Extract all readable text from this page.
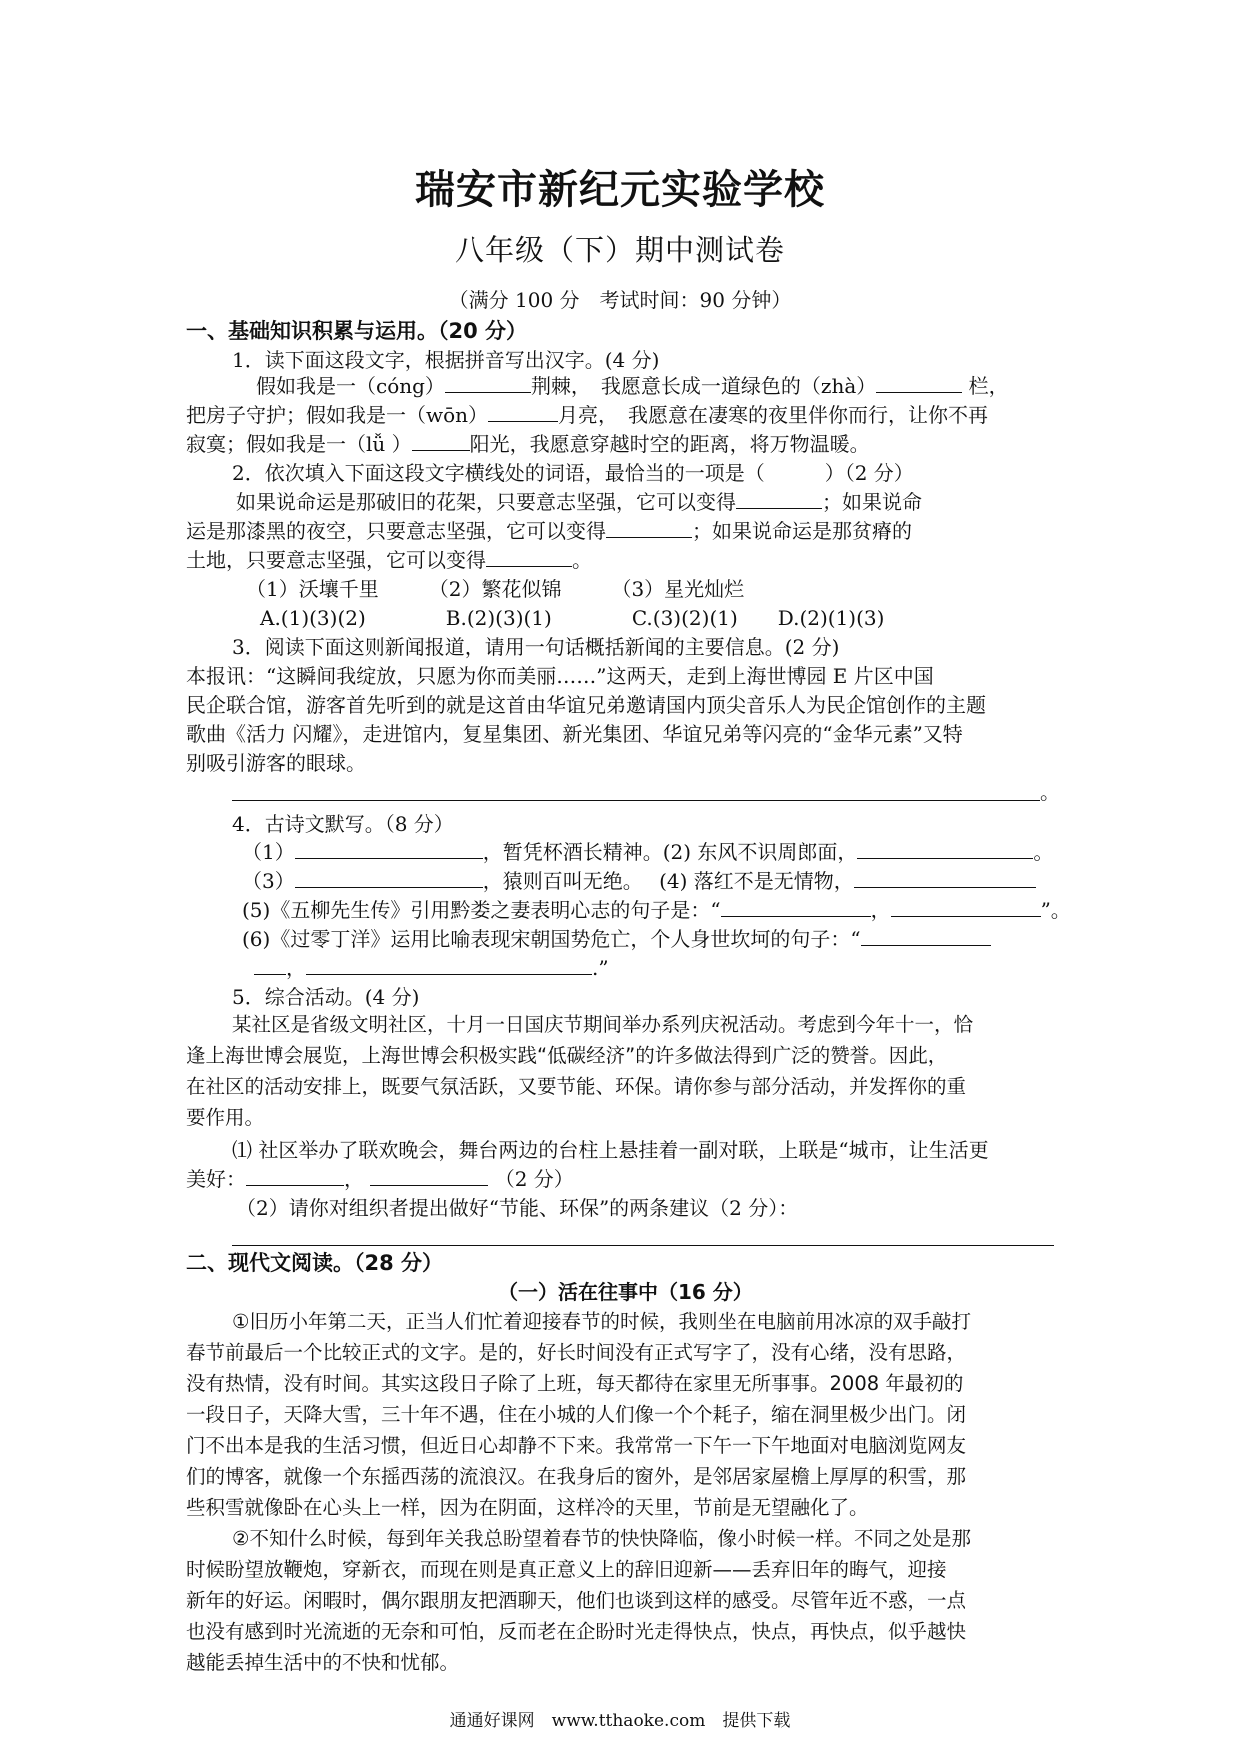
瑞安市新纪元实验学校
八年级（下）期中测试卷
（满分 100 分　考试时间：90 分钟）
一、基础知识积累与运用。（20 分）
1．读下面这段文字，根据拼音写出汉字。(4 分)
假如我是一（cóng）	荆棘，　我愿意长成一道绿色的（zhà）	栏，
把房子守护；假如我是一（wōn）	月亮，　我愿意在凄寒的夜里伴你而行，让你不再
寂寞；假如我是一（lǚ ）	阳光，我愿意穿越时空的距离，将万物温暖。
2．依次填入下面这段文字横线处的词语，最恰当的一项是（　　　）（2 分）
如果说命运是那破旧的花架，只要意志坚强，它可以变得	；如果说命
运是那漆黑的夜空，只要意志坚强，它可以变得	；如果说命运是那贫瘠的
土地，只要意志坚强，它可以变得	。
（1）沃壤千里　　　（2）繁花似锦　　　（3）星光灿烂
A.(1)(3)(2)　　　　B.(2)(3)(1)　　　　C.(3)(2)(1)　　D.(2)(1)(3)
3．阅读下面这则新闻报道，请用一句话概括新闻的主要信息。(2 分)
本报讯：“这瞬间我绽放，只愿为你而美丽……”这两天，走到上海世博园 E 片区中国
民企联合馆，游客首先听到的就是这首由华谊兄弟邀请国内顶尖音乐人为民企馆创作的主题
歌曲《活力 闪耀》，走进馆内，复星集团、新光集团、华谊兄弟等闪亮的“金华元素”又特
别吸引游客的眼球。
。
4．古诗文默写。（8 分）
（1）	，暂凭杯酒长精神。(2) 东风不识周郎面，	。
（3）	，猿则百叫无绝。　 (4) 落红不是无情物，
(5)《五柳先生传》引用黔娄之妻表明心志的句子是：“	，	”。
(6)《过零丁洋》运用比喻表现宋朝国势危亡，个人身世坎坷的句子：“
，	.”
5．综合活动。(4 分)
某社区是省级文明社区，十月一日国庆节期间举办系列庆祝活动。考虑到今年十一，恰
逢上海世博会展览，上海世博会积极实践“低碳经济”的许多做法得到广泛的赞誉。因此，
在社区的活动安排上，既要气氛活跃，又要节能、环保。请你参与部分活动，并发挥你的重
要作用。
⑴ 社区举办了联欢晚会，舞台两边的台柱上悬挂着一副对联，上联是“城市，让生活更
美好：	，	（2 分）
（2）请你对组织者提出做好“节能、环保”的两条建议（2 分）：
二、现代文阅读。（28 分）
（一）活在往事中（16 分）
①旧历小年第二天，正当人们忙着迎接春节的时候，我则坐在电脑前用冰凉的双手敲打
春节前最后一个比较正式的文字。是的，好长时间没有正式写字了，没有心绪，没有思路，
没有热情，没有时间。其实这段日子除了上班，每天都待在家里无所事事。2008 年最初的
一段日子，天降大雪，三十年不遇，住在小城的人们像一个个耗子，缩在洞里极少出门。闭
门不出本是我的生活习惯，但近日心却静不下来。我常常一下午一下午地面对电脑浏览网友
们的博客，就像一个东摇西荡的流浪汉。在我身后的窗外，是邻居家屋檐上厚厚的积雪，那
些积雪就像卧在心头上一样，因为在阴面，这样冷的天里，节前是无望融化了。
②不知什么时候，每到年关我总盼望着春节的快快降临，像小时候一样。不同之处是那
时候盼望放鞭炮，穿新衣，而现在则是真正意义上的辞旧迎新——丢弃旧年的晦气，迎接
新年的好运。闲暇时，偶尔跟朋友把酒聊天，他们也谈到这样的感受。尽管年近不惑，一点
也没有感到时光流逝的无奈和可怕，反而老在企盼时光走得快点，快点，再快点，似乎越快
越能丢掉生活中的不快和忧郁。
通通好课网　www.tthaoke.com　提供下载
